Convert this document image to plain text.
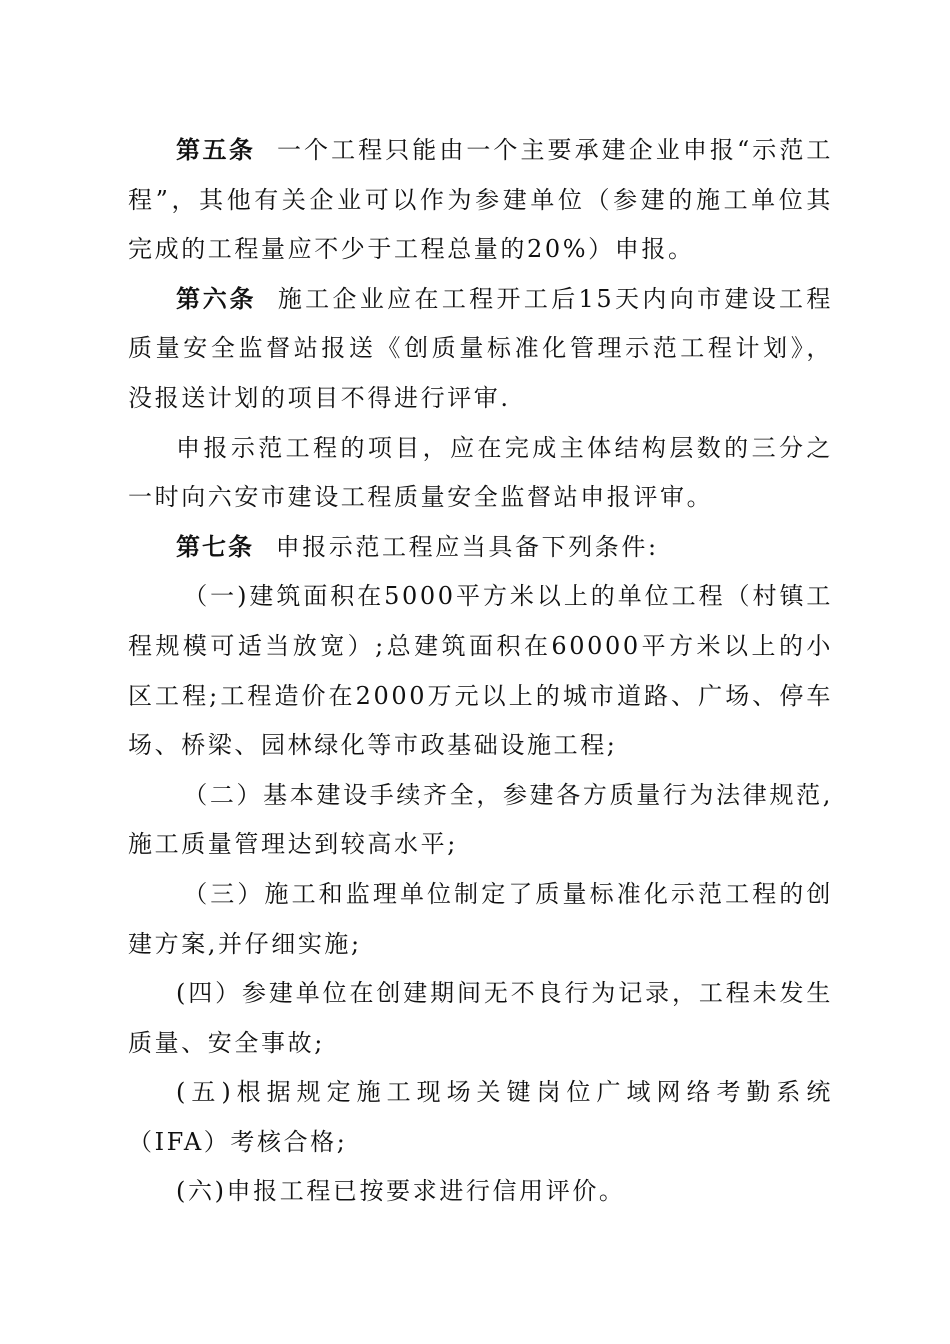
第五条 一个工程只能由一个主要承建企业申报“示范工程”，其他有关企业可以作为参建单位（参建的施工单位其完成的工程量应不少于工程总量的20%）申报。

第六条 施工企业应在工程开工后15天内向市建设工程质量安全监督站报送《创质量标准化管理示范工程计划》，没报送计划的项目不得进行评审.

申报示范工程的项目，应在完成主体结构层数的三分之一时向六安市建设工程质量安全监督站申报评审。

第七条 申报示范工程应当具备下列条件:

（一)建筑面积在5000平方米以上的单位工程（村镇工程规模可适当放宽）;总建筑面积在60000平方米以上的小区工程;工程造价在2000万元以上的城市道路、广场、停车场、桥梁、园林绿化等市政基础设施工程;

（二）基本建设手续齐全，参建各方质量行为法律规范,施工质量管理达到较高水平;

（三）施工和监理单位制定了质量标准化示范工程的创建方案,并仔细实施;

(四）参建单位在创建期间无不良行为记录，工程未发生质量、安全事故;

(五)根据规定施工现场关键岗位广域网络考勤系统（IFA）考核合格;

(六)申报工程已按要求进行信用评价。
